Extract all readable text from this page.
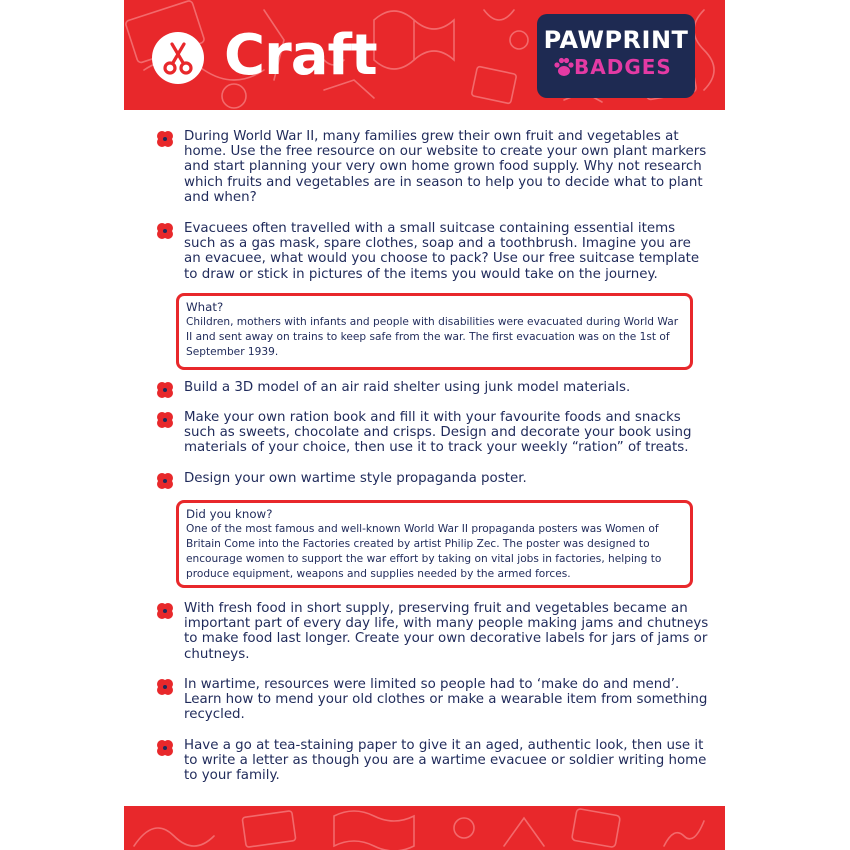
Craft	PAWPRINT
BADGES
During World War II, many families grew their own fruit and vegetables at home. Use the free resource on our website to create your own plant markers and start planning your very own home grown food supply. Why not research which fruits and vegetables are in season to help you to decide what to plant and when?
Evacuees often travelled with a small suitcase containing essential items such as a gas mask, spare clothes, soap and a toothbrush. Imagine you are an evacuee, what would you choose to pack? Use our free suitcase template to draw or stick in pictures of the items you would take on the journey.
What?
Children, mothers with infants and people with disabilities were evacuated during World War II and sent away on trains to keep safe from the war. The first evacuation was on the 1st of September 1939.
Build a 3D model of an air raid shelter using junk model materials.
Make your own ration book and fill it with your favourite foods and snacks such as sweets, chocolate and crisps. Design and decorate your book using materials of your choice, then use it to track your weekly “ration” of treats.
Design your own wartime style propaganda poster.
Did you know?
One of the most famous and well-known World War II propaganda posters was Women of Britain Come into the Factories created by artist Philip Zec. The poster was designed to encourage women to support the war effort by taking on vital jobs in factories, helping to produce equipment, weapons and supplies needed by the armed forces.
With fresh food in short supply, preserving fruit and vegetables became an important part of every day life, with many people making jams and chutneys to make food last longer. Create your own decorative labels for jars of jams or chutneys.
In wartime, resources were limited so people had to ‘make do and mend’. Learn how to mend your old clothes or make a wearable item from something recycled.
Have a go at tea-staining paper to give it an aged, authentic look, then use it to write a letter as though you are a wartime evacuee or soldier writing home to your family.
